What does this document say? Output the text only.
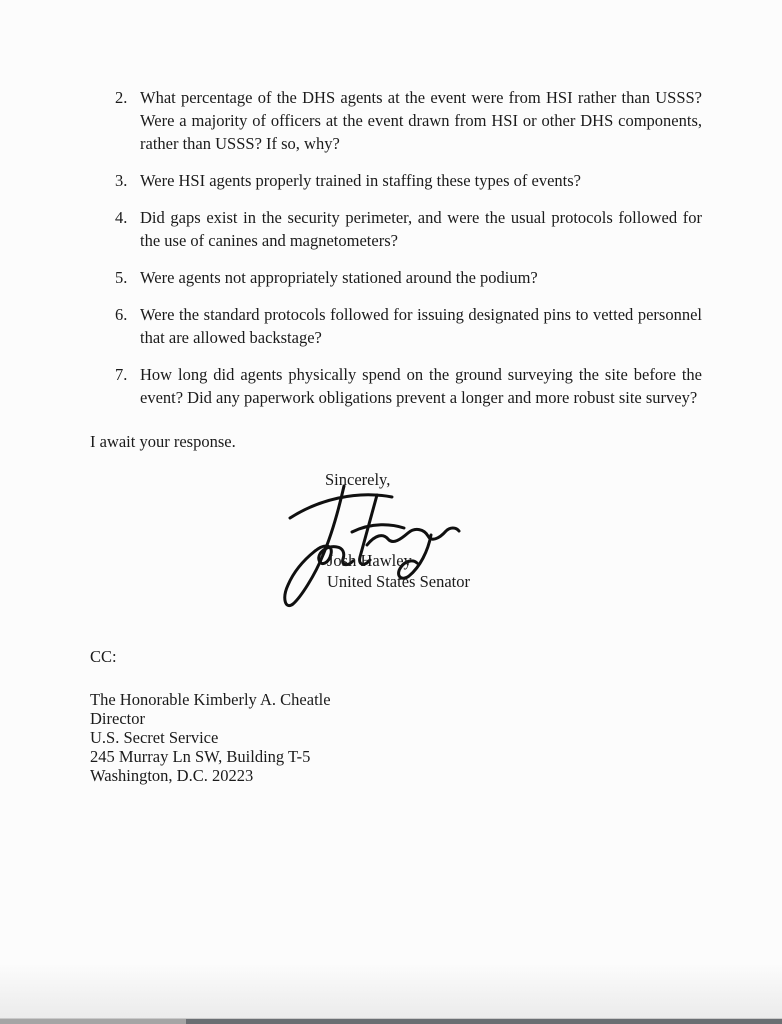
2. What percentage of the DHS agents at the event were from HSI rather than USSS? Were a majority of officers at the event drawn from HSI or other DHS components, rather than USSS? If so, why?
3. Were HSI agents properly trained in staffing these types of events?
4. Did gaps exist in the security perimeter, and were the usual protocols followed for the use of canines and magnetometers?
5. Were agents not appropriately stationed around the podium?
6. Were the standard protocols followed for issuing designated pins to vetted personnel that are allowed backstage?
7. How long did agents physically spend on the ground surveying the site before the event? Did any paperwork obligations prevent a longer and more robust site survey?

I await your response.

Sincerely,

Josh Hawley

United States Senator

CC:

The Honorable Kimberly A. Cheatle

Director

U.S. Secret Service

245 Murray Ln SW, Building T-5

Washington, D.C. 20223
